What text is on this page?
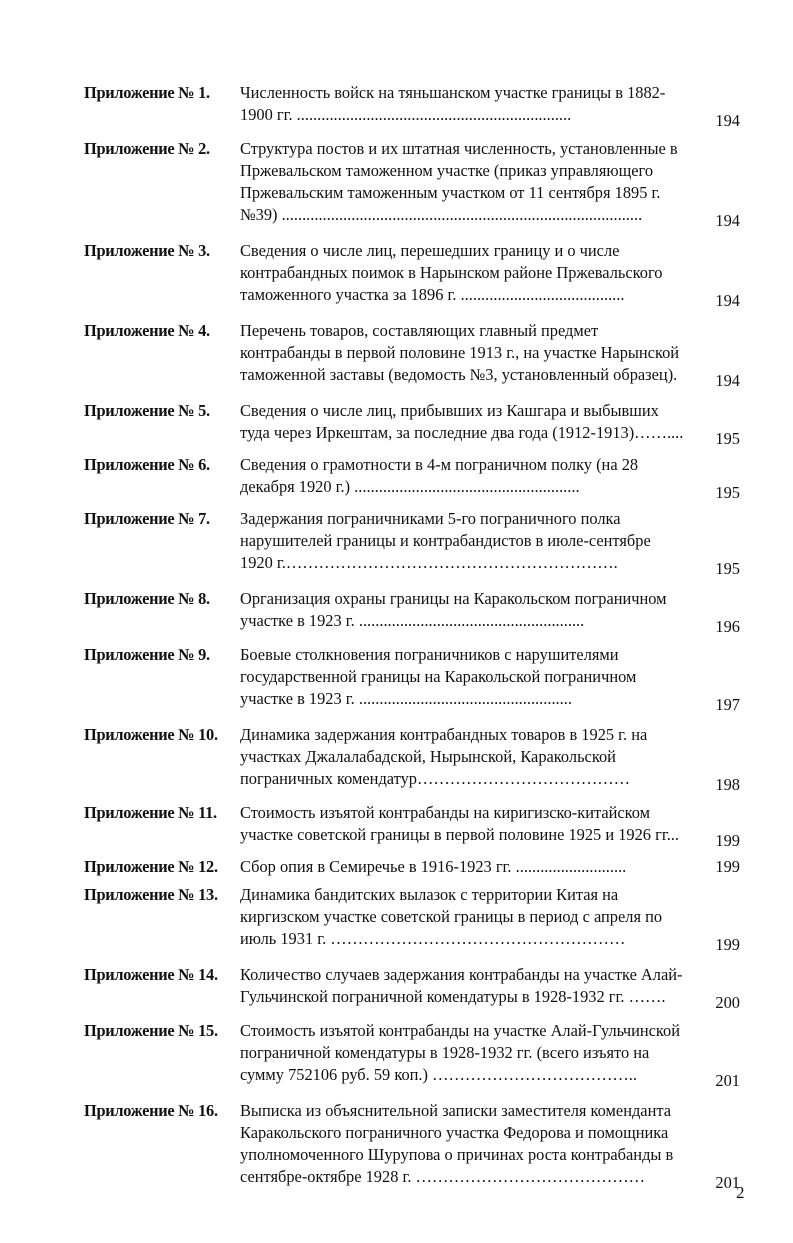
Приложение № 1.	Численность войск на тяньшанском участке границы в 1882-
1900 гг. ...................................................................	194
Приложение № 2.	Структура постов и их штатная численность, установленные в
Пржевальском таможенном участке (приказ управляющего
Пржевальским таможенным участком от 11 сентября 1895 г.
№39) ........................................................................................	194
Приложение № 3.	Сведения о числе лиц, перешедших границу и о числе
контрабандных поимок в Нарынском районе Пржевальского
таможенного участка за 1896 г. ........................................	194
Приложение № 4.	Перечень товаров, составляющих главный предмет
контрабанды в первой половине 1913 г., на участке Нарынской
таможенной заставы (ведомость №3, установленный образец).	194
Приложение № 5.	Сведения о числе лиц, прибывших из Кашгара и выбывших
туда через Иркештам, за последние два года (1912-1913)……....	195
Приложение № 6.	Сведения о грамотности в 4-м пограничном полку (на 28
декабря 1920 г.) .......................................................	195
Приложение № 7.	Задержания пограничниками 5-го пограничного полка
нарушителей границы и контрабандистов в июле-сентябре
1920 г.…………………………………………………….	195
Приложение № 8.	Организация охраны границы на Каракольском пограничном
участке в 1923 г. .......................................................	196
Приложение № 9.	Боевые столкновения пограничников с нарушителями
государственной границы на Каракольской пограничном
участке в 1923 г. ....................................................	197
Приложение № 10.	Динамика задержания контрабандных товаров в 1925 г. на
участках Джалалабадской, Нырынской, Каракольской
пограничных комендатур…………………………………	198
Приложение № 11.	Стоимость изъятой контрабанды на киригизско-китайском
участке советской границы в первой половине 1925 и 1926 гг...	199
Приложение № 12.	Сбор опия в Семиречье в 1916-1923 гг. ...........................	199
Приложение № 13.	Динамика бандитских вылазок с территории Китая на
киргизском участке советской границы в период с апреля по
июль 1931 г. ………………………………………………	199
Приложение № 14.	Количество случаев задержания контрабанды на участке Алай-
Гульчинской пограничной комендатуры в 1928-1932 гг. …….	200
Приложение № 15.	Стоимость изъятой контрабанды на участке Алай-Гульчинской
пограничной комендатуры в 1928-1932 гг. (всего изъято на
сумму 752106 руб. 59 коп.) ………………………………..	201
Приложение № 16.	Выписка из объяснительной записки заместителя коменданта
Каракольского пограничного участка Федорова и помощника
уполномоченного Шурупова о причинах роста контрабанды в
сентябре-октябре 1928 г. ……………………………………	201
2
